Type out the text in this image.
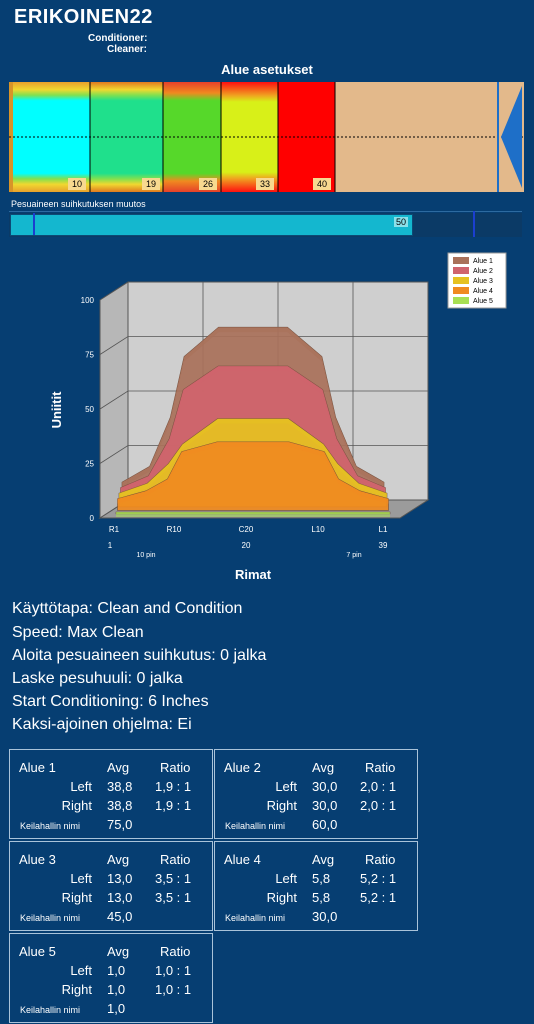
ERIKOINEN22
Conditioner:
Cleaner:
Alue asetukset
10	19	26	33	40
Pesuaineen suihkutuksen muutos
50
0
25
50
75
100
R1	R10	C20	L10	L1
1	20	39
10 pin	7 pin
Rimat
Uniitit
Alue 1
Alue 2
Alue 3
Alue 4
Alue 5
Käyttötapa: Clean and Condition
Speed: Max Clean
Aloita pesuaineen suihkutus: 0 jalka
Laske pesuhuuli: 0 jalka
Start Conditioning: 6 Inches
Kaksi-ajoinen ohjelma: Ei
Alue 1	Avg Ratio
Left 38,8 1,9 : 1
Right 38,8 1,9 : 1
Keilahallin nimi 75,0
Alue 2	Avg Ratio
Left 30,0 2,0 : 1
Right 30,0 2,0 : 1
Keilahallin nimi 60,0
Alue 3	Avg Ratio
Left 13,0 3,5 : 1
Right 13,0 3,5 : 1
Keilahallin nimi 45,0
Alue 4	Avg Ratio
Left 5,8 5,2 : 1
Right 5,8 5,2 : 1
Keilahallin nimi 30,0
Alue 5	Avg Ratio
Left 1,0 1,0 : 1
Right 1,0 1,0 : 1
Keilahallin nimi 1,0
